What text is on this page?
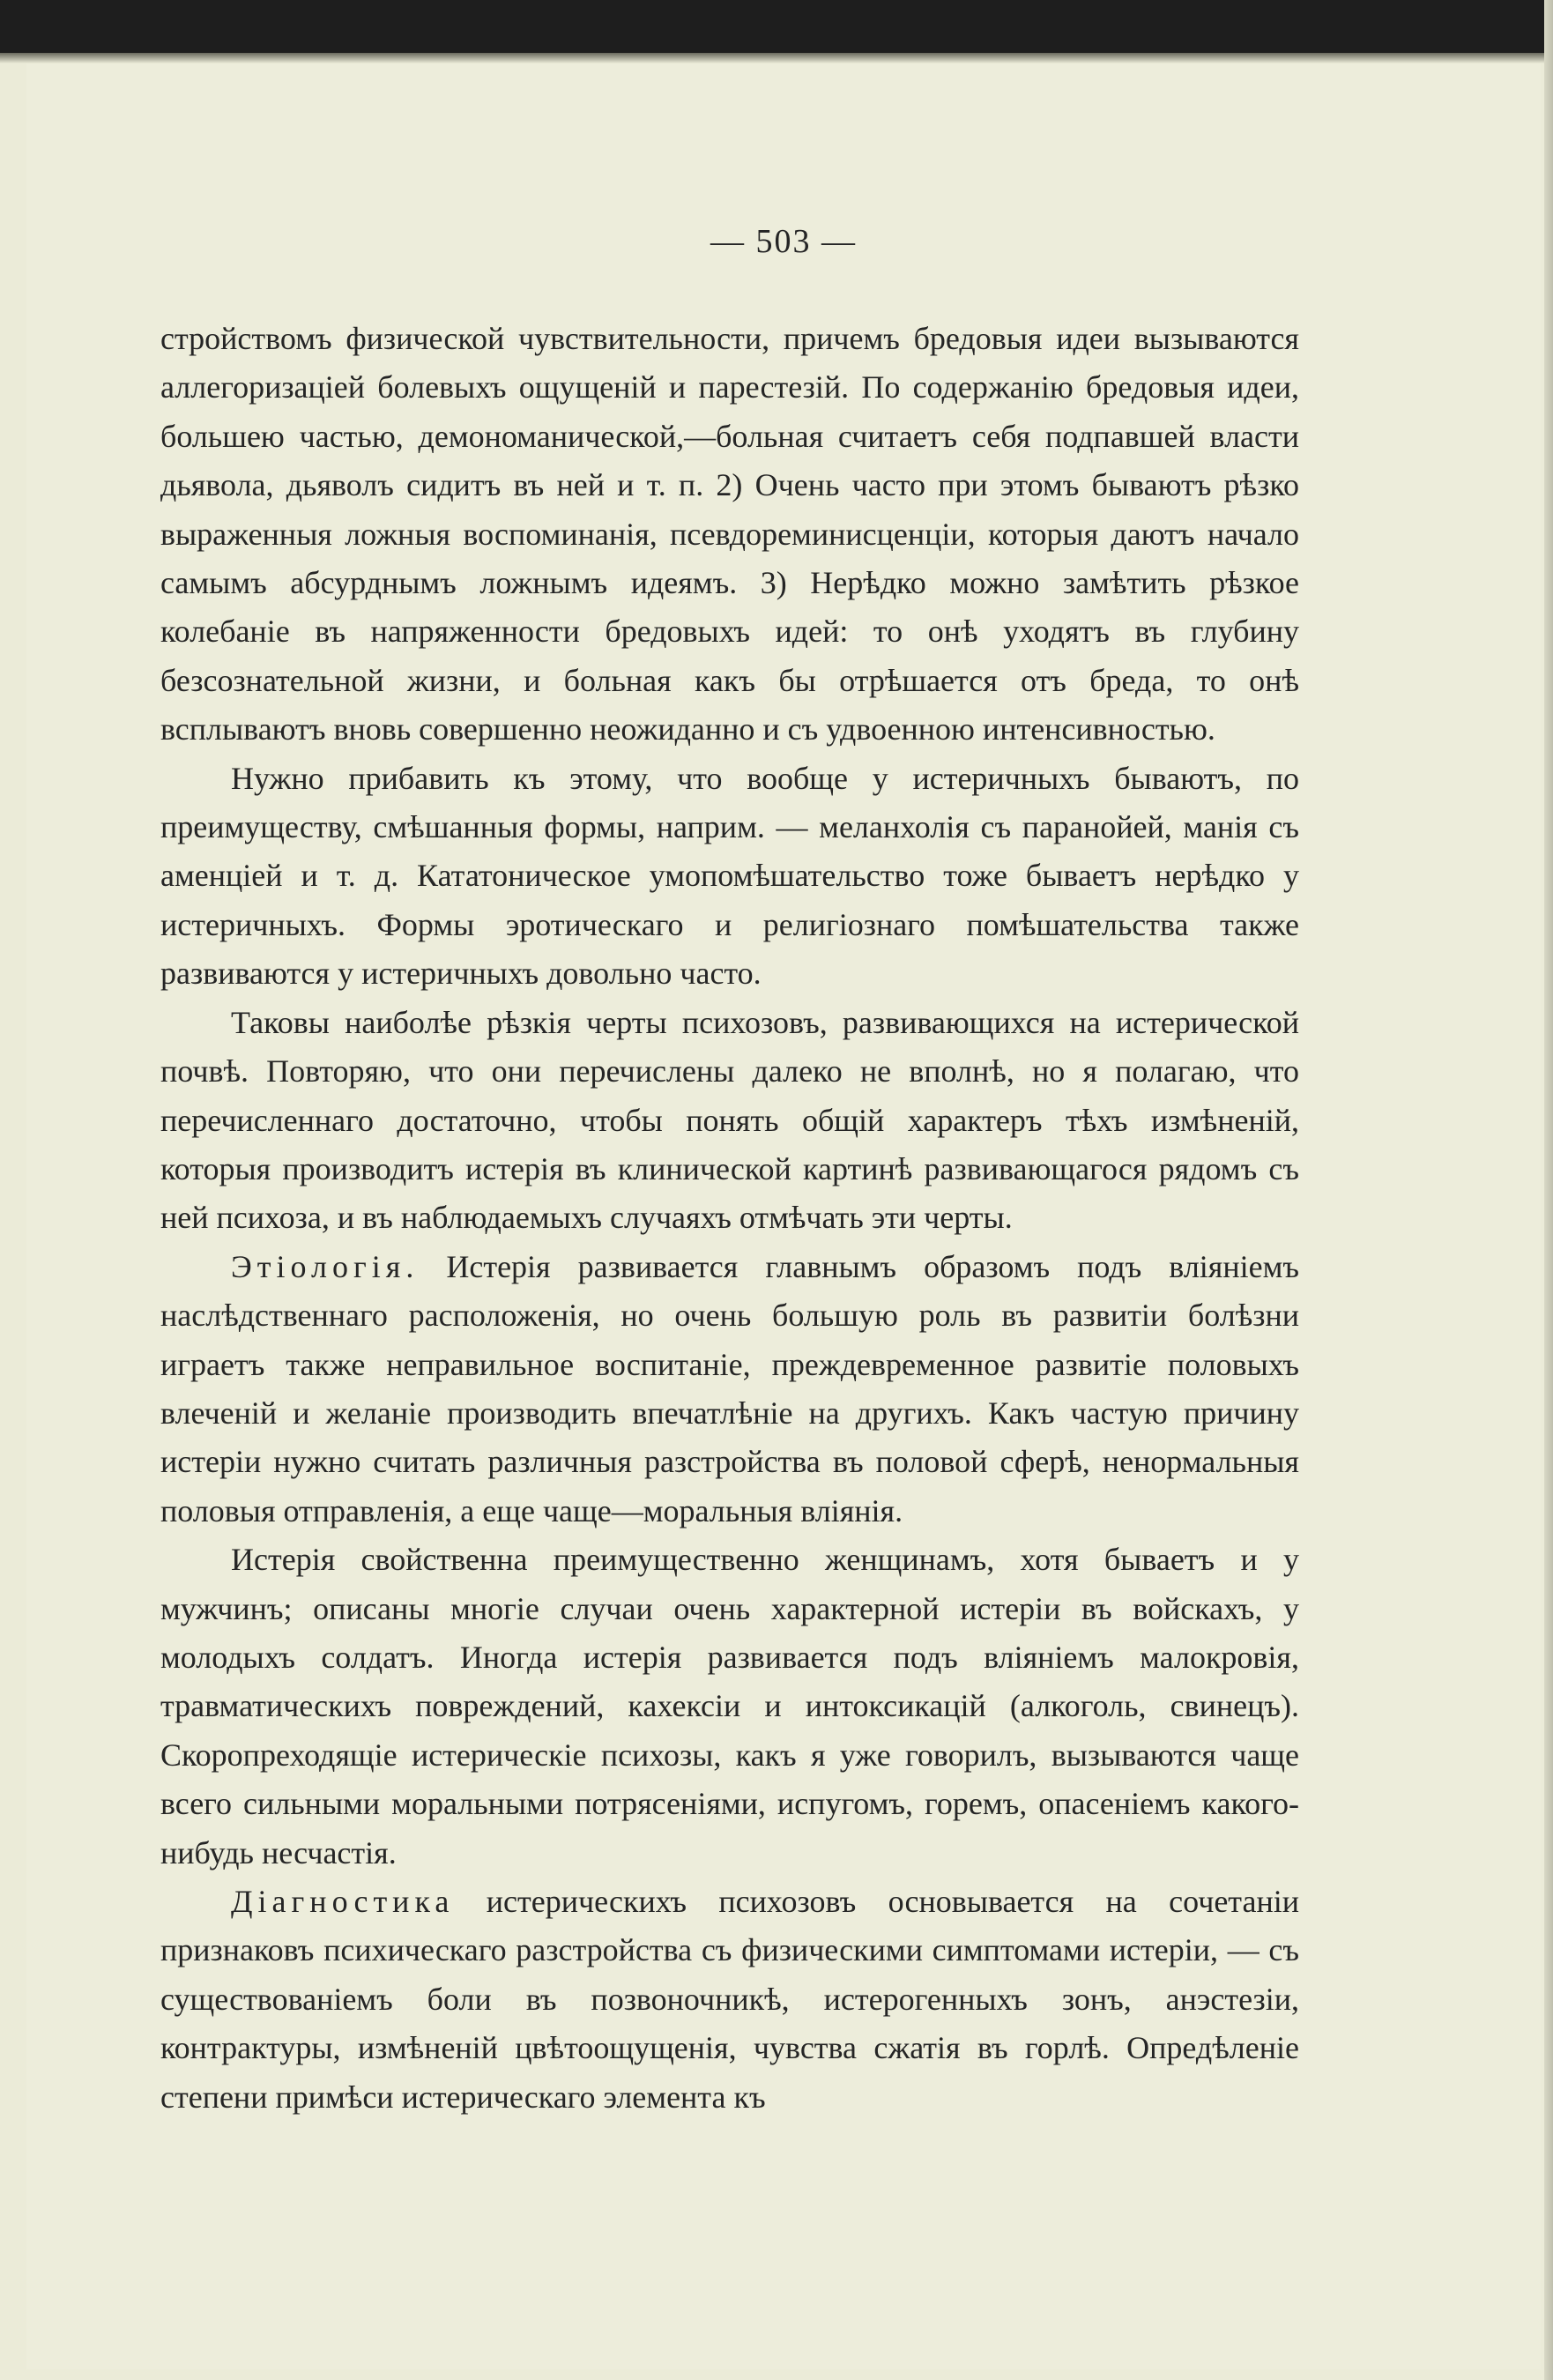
— 503 —

стройствомъ физической чувствительности, причемъ бредовыя идеи вызываются аллегоризацiей болевыхъ ощущенiй и парестезiй. По содержанiю бредовыя идеи, большею частью, демономанической,—больная считаетъ себя подпавшей власти дьявола, дьяволъ сидитъ въ ней и т. п. 2) Очень часто при этомъ бываютъ рѣзко выраженныя ложныя воспоминанiя, псевдореминисценцiи, которыя даютъ начало самымъ абсурднымъ ложнымъ идеямъ. 3) Нерѣдко можно замѣтить рѣзкое колебанiе въ напряженности бредовыхъ идей: то онѣ уходятъ въ глубину безсознательной жизни, и больная какъ бы отрѣшается отъ бреда, то онѣ всплываютъ вновь совершенно неожиданно и съ удвоенною интенсивностью.

Нужно прибавить къ этому, что вообще у истеричныхъ бываютъ, по преимуществу, смѣшанныя формы, наприм. — меланхолiя съ паранойей, манiя съ аменцiей и т. д. Кататоническое умопомѣшательство тоже бываетъ нерѣдко у истеричныхъ. Формы эротическаго и религiознаго помѣшательства также развиваются у истеричныхъ довольно часто.

Таковы наиболѣе рѣзкiя черты психозовъ, развивающихся на истерической почвѣ. Повторяю, что они перечислены далеко не вполнѣ, но я полагаю, что перечисленнаго достаточно, чтобы понять общiй характеръ тѣхъ измѣненiй, которыя производитъ истерiя въ клинической картинѣ развивающагося рядомъ съ ней психоза, и въ наблюдаемыхъ случаяхъ отмѣчать эти черты.

Этiологiя. Истерiя развивается главнымъ образомъ подъ влiянiемъ наслѣдственнаго расположенiя, но очень большую роль въ развитiи болѣзни играетъ также неправильное воспитанiе, преждевременное развитiе половыхъ влеченiй и желанiе производить впечатлѣнiе на другихъ. Какъ частую причину истерiи нужно считать различныя разстройства въ половой сферѣ, ненормальныя половыя отправленiя, а еще чаще—моральныя влiянiя.

Истерiя свойственна преимущественно женщинамъ, хотя бываетъ и у мужчинъ; описаны многiе случаи очень характерной истерiи въ войскахъ, у молодыхъ солдатъ. Иногда истерiя развивается подъ влiянiемъ малокровiя, травматическихъ повреждений, кахексiи и интоксикацiй (алкоголь, свинецъ). Скоропреходящiе истерическiе психозы, какъ я уже говорилъ, вызываются чаще всего сильными моральными потрясенiями, испугомъ, горемъ, опасенiемъ какого-нибудь несчастiя.

Дiагностика истерическихъ психозовъ основывается на сочетанiи признаковъ психическаго разстройства съ физическими симптомами истерiи, — съ существованiемъ боли въ позвоночникѣ, истерогенныхъ зонъ, анэстезiи, контрактуры, измѣненiй цвѣтоощущенiя, чувства сжатiя въ горлѣ. Опредѣленiе степени примѣси истерическаго элемента къ
